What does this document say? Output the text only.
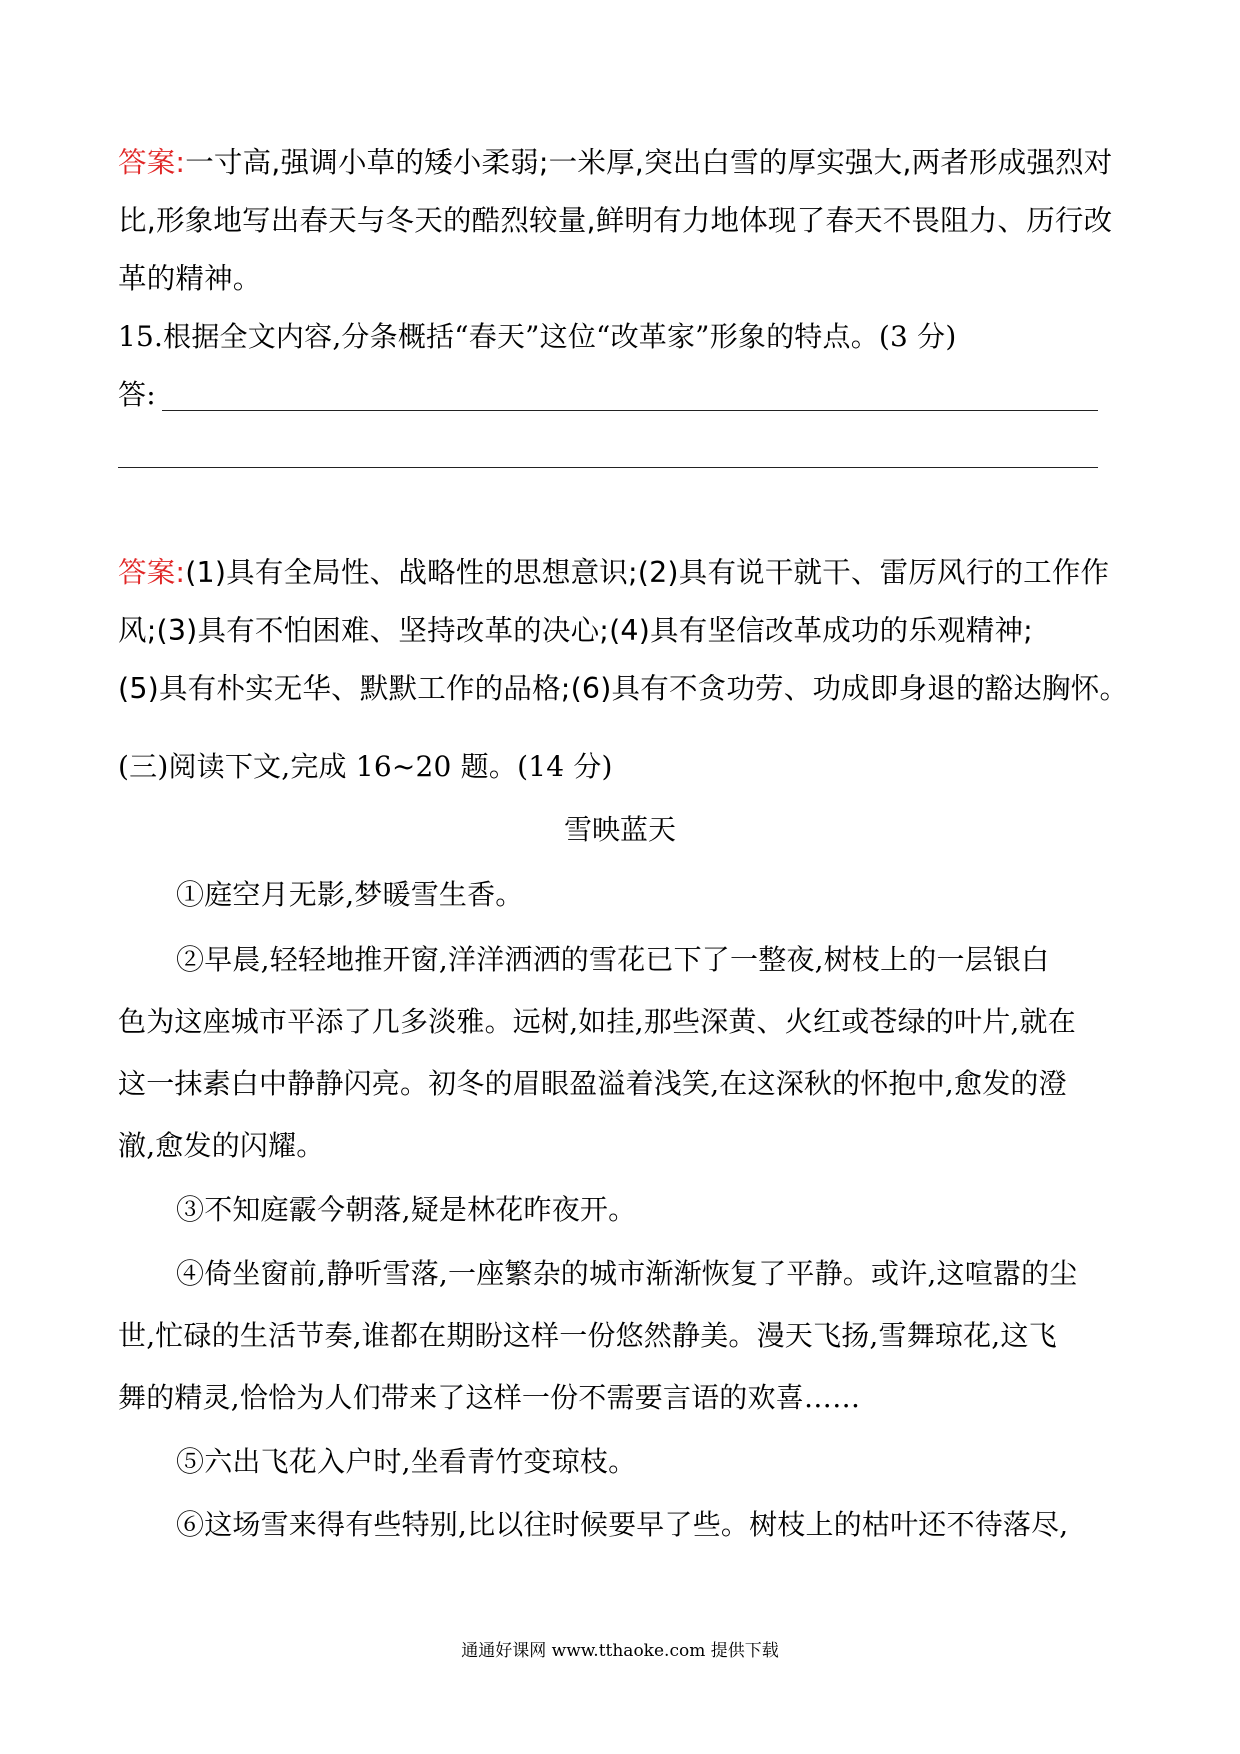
答案:一寸高,强调小草的矮小柔弱;一米厚,突出白雪的厚实强大,两者形成强烈对
比,形象地写出春天与冬天的酷烈较量,鲜明有力地体现了春天不畏阻力、历行改
革的精神。
15.根据全文内容,分条概括“春天”这位“改革家”形象的特点。(3 分)
答:
答案:(1)具有全局性、战略性的思想意识;(2)具有说干就干、雷厉风行的工作作
风;(3)具有不怕困难、坚持改革的决心;(4)具有坚信改革成功的乐观精神;
(5)具有朴实无华、默默工作的品格;(6)具有不贪功劳、功成即身退的豁达胸怀。
(三)阅读下文,完成 16~20 题。(14 分)
雪映蓝天
①庭空月无影,梦暖雪生香。
②早晨,轻轻地推开窗,洋洋洒洒的雪花已下了一整夜,树枝上的一层银白
色为这座城市平添了几多淡雅。远树,如挂,那些深黄、火红或苍绿的叶片,就在
这一抹素白中静静闪亮。初冬的眉眼盈溢着浅笑,在这深秋的怀抱中,愈发的澄
澈,愈发的闪耀。
③不知庭霰今朝落,疑是林花昨夜开。
④倚坐窗前,静听雪落,一座繁杂的城市渐渐恢复了平静。或许,这喧嚣的尘
世,忙碌的生活节奏,谁都在期盼这样一份悠然静美。漫天飞扬,雪舞琼花,这飞
舞的精灵,恰恰为人们带来了这样一份不需要言语的欢喜……
⑤六出飞花入户时,坐看青竹变琼枝。
⑥这场雪来得有些特别,比以往时候要早了些。树枝上的枯叶还不待落尽,
通通好课网 www.tthaoke.com 提供下载
